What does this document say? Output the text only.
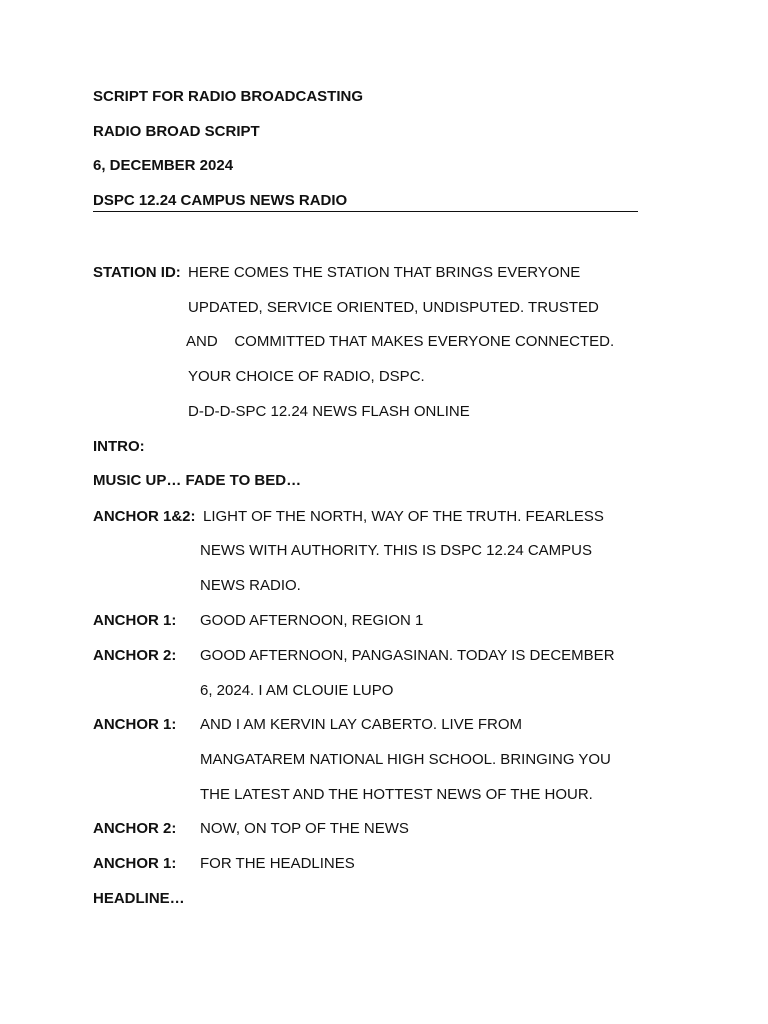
SCRIPT FOR RADIO BROADCASTING
RADIO BROAD SCRIPT
6, DECEMBER 2024
DSPC 12.24 CAMPUS NEWS RADIO
STATION ID: HERE COMES THE STATION THAT BRINGS EVERYONE
UPDATED, SERVICE ORIENTED, UNDISPUTED. TRUSTED
AND    COMMITTED THAT MAKES EVERYONE CONNECTED.
YOUR CHOICE OF RADIO, DSPC.
D-D-D-SPC 12.24 NEWS FLASH ONLINE
INTRO:
MUSIC UP… FADE TO BED…
ANCHOR 1&2: LIGHT OF THE NORTH, WAY OF THE TRUTH. FEARLESS
NEWS WITH AUTHORITY. THIS IS DSPC 12.24 CAMPUS
NEWS RADIO.
ANCHOR 1: GOOD AFTERNOON, REGION 1
ANCHOR 2: GOOD AFTERNOON, PANGASINAN. TODAY IS DECEMBER
6, 2024. I AM CLOUIE LUPO
ANCHOR 1: AND I AM KERVIN LAY CABERTO. LIVE FROM
MANGATAREM NATIONAL HIGH SCHOOL. BRINGING YOU
THE LATEST AND THE HOTTEST NEWS OF THE HOUR.
ANCHOR 2: NOW, ON TOP OF THE NEWS
ANCHOR 1: FOR THE HEADLINES
HEADLINE…
